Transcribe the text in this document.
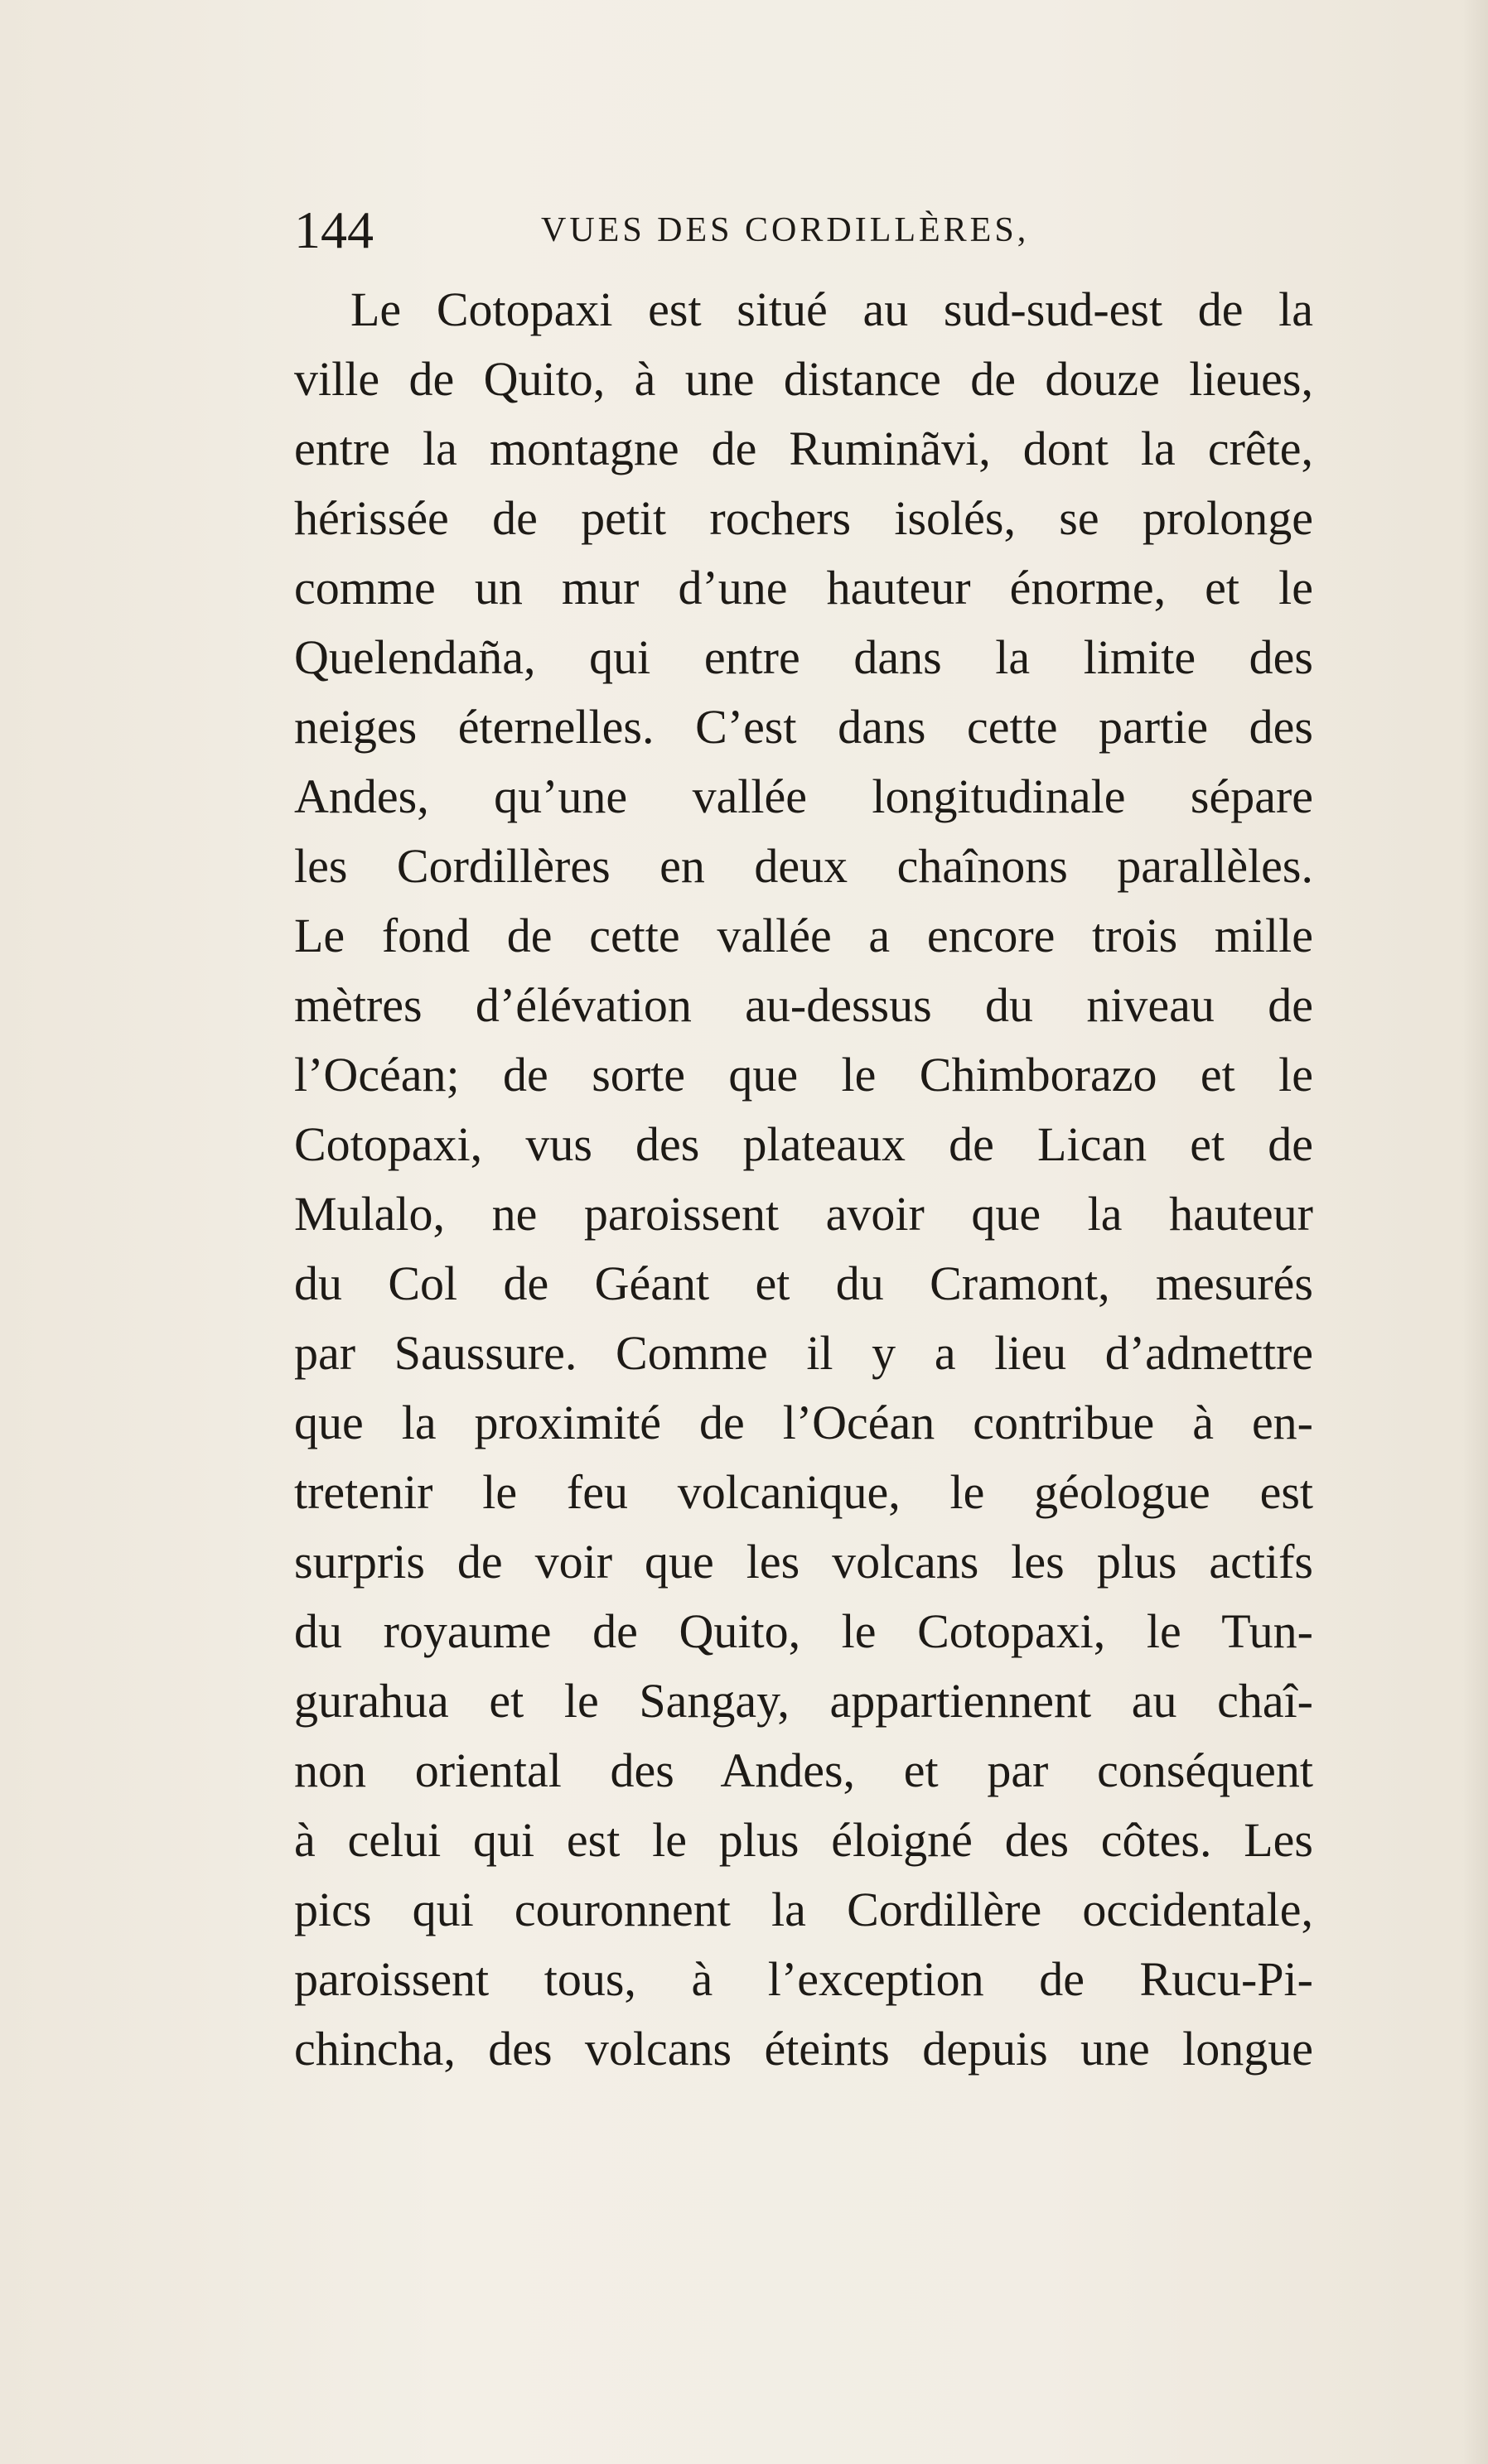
144	VUES DES CORDILLÈRES,
Le Cotopaxi est situé au sud-sud-est de la
ville de Quito, à une distance de douze lieues,
entre la montagne de Ruminãvi, dont la crête,
hérissée de petit rochers isolés, se prolonge
comme un mur d’une hauteur énorme, et le
Quelendaña, qui entre dans la limite des
neiges éternelles. C’est dans cette partie des
Andes, qu’une vallée longitudinale sépare
les Cordillères en deux chaînons parallèles.
Le fond de cette vallée a encore trois mille
mètres d’élévation au-dessus du niveau de
l’Océan; de sorte que le Chimborazo et le
Cotopaxi, vus des plateaux de Lican et de
Mulalo, ne paroissent avoir que la hauteur
du Col de Géant et du Cramont, mesurés
par Saussure. Comme il y a lieu d’admettre
que la proximité de l’Océan contribue à en-
tretenir le feu volcanique, le géologue est
surpris de voir que les volcans les plus actifs
du royaume de Quito, le Cotopaxi, le Tun-
gurahua et le Sangay, appartiennent au chaî-
non oriental des Andes, et par conséquent
à celui qui est le plus éloigné des côtes. Les
pics qui couronnent la Cordillère occidentale,
paroissent tous, à l’exception de Rucu-Pi-
chincha, des volcans éteints depuis une longue
